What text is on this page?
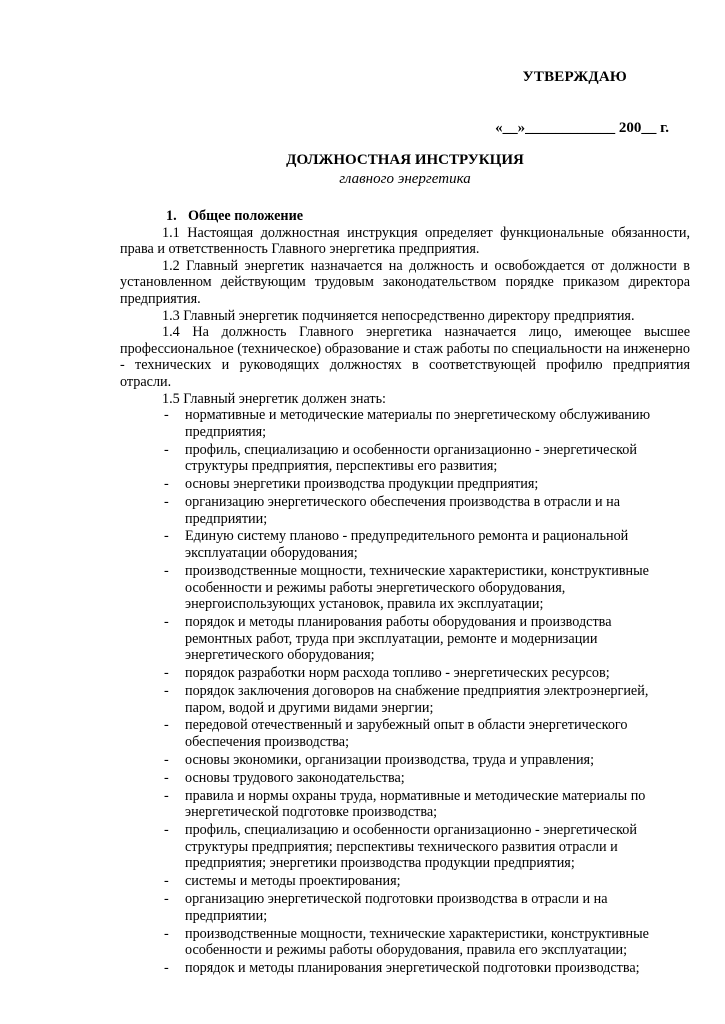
УТВЕРЖДАЮ
«__»____________ 200__ г.
ДОЛЖНОСТНАЯ ИНСТРУКЦИЯ
главного энергетика

1. Общее положение

1.1 Настоящая должностная инструкция определяет функциональные обязанности, права и ответственность Главного энергетика предприятия.

1.2 Главный энергетик назначается на должность и освобождается от должности в установленном действующим трудовым законодательством порядке приказом директора предприятия.

1.3 Главный энергетик подчиняется непосредственно директору предприятия.

1.4 На должность Главного энергетика назначается лицо, имеющее высшее профессиональное (техническое) образование и стаж работы по специальности на инженерно - технических и руководящих должностях в соответствующей профилю предприятия отрасли.

1.5 Главный энергетик должен знать:

- нормативные и методические материалы по энергетическому обслуживанию предприятия;
- профиль, специализацию и особенности организационно - энергетической структуры предприятия, перспективы его развития;
- основы энергетики производства продукции предприятия;
- организацию энергетического обеспечения производства в отрасли и на предприятии;
- Единую систему планово - предупредительного ремонта и рациональной эксплуатации оборудования;
- производственные мощности, технические характеристики, конструктивные особенности и режимы работы энергетического оборудования, энергоиспользующих установок, правила их эксплуатации;
- порядок и методы планирования работы оборудования и производства ремонтных работ, труда при эксплуатации, ремонте и модернизации энергетического оборудования;
- порядок разработки норм расхода топливо - энергетических ресурсов;
- порядок заключения договоров на снабжение предприятия электроэнергией, паром, водой и другими видами энергии;
- передовой отечественный и зарубежный опыт в области энергетического обеспечения производства;
- основы экономики, организации производства, труда и управления;
- основы трудового законодательства;
- правила и нормы охраны труда, нормативные и методические материалы по энергетической подготовке производства;
- профиль, специализацию и особенности организационно - энергетической структуры предприятия; перспективы технического развития отрасли и предприятия; энергетики производства продукции предприятия;
- системы и методы проектирования;
- организацию энергетической подготовки производства в отрасли и на предприятии;
- производственные мощности, технические характеристики, конструктивные особенности и режимы работы оборудования, правила его эксплуатации;
- порядок и методы планирования энергетической подготовки производства;
